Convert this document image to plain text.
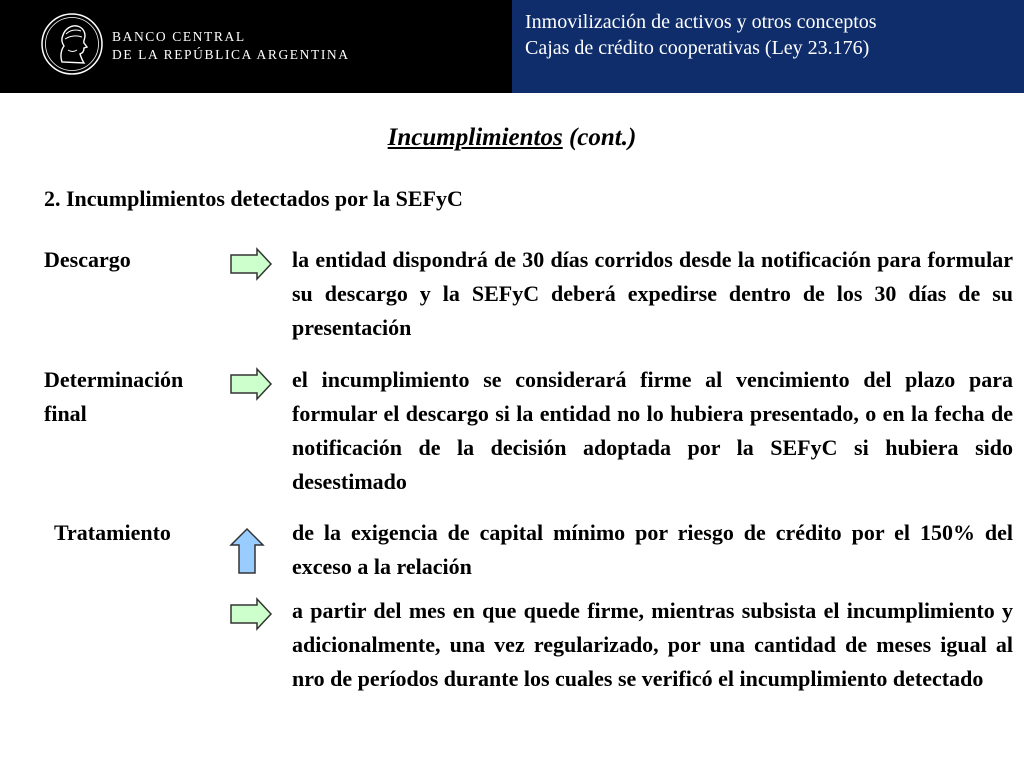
BANCO CENTRAL
DE LA REPÚBLICA ARGENTINA
Inmovilización de activos y otros conceptos
Cajas de crédito cooperativas (Ley 23.176)
Incumplimientos (cont.)
2. Incumplimientos detectados por la SEFyC
Descargo	la entidad dispondrá de 30 días corridos desde la notificación para formular su descargo y la SEFyC deberá expedirse dentro de los 30 días de su presentación
Determinación
final
el incumplimiento se considerará firme al vencimiento del plazo para formular el descargo si la entidad no lo hubiera presentado, o en la fecha de notificación de la decisión adoptada por la SEFyC si hubiera sido desestimado
Tratamiento	de la exigencia de capital mínimo por riesgo de crédito por el 150% del exceso a la relación
a partir del mes en que quede firme, mientras subsista el incumplimiento y adicionalmente, una vez regularizado, por una cantidad de meses igual al nro de períodos durante los cuales se verificó el incumplimiento detectado
